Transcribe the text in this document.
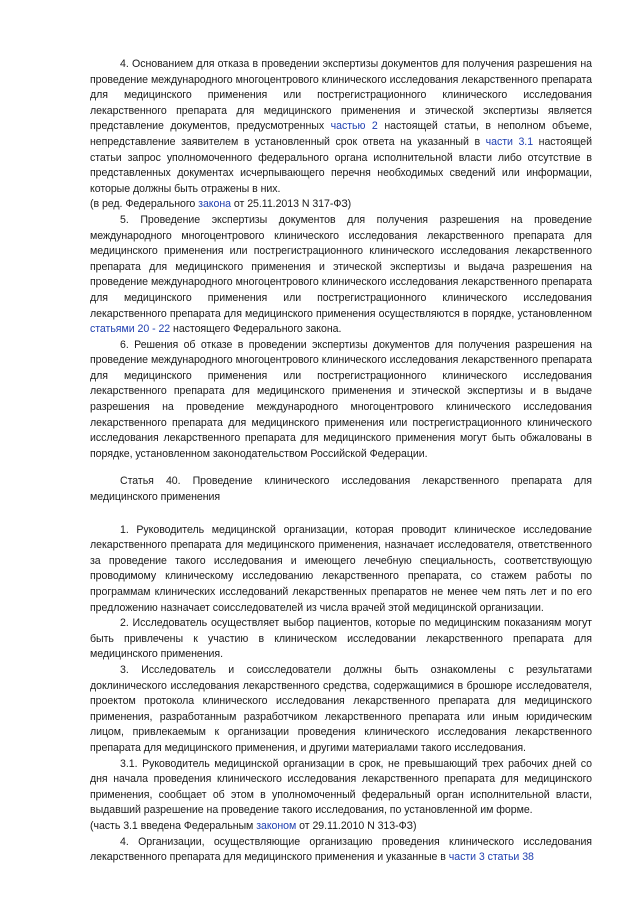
4. Основанием для отказа в проведении экспертизы документов для получения разрешения на проведение международного многоцентрового клинического исследования лекарственного препарата для медицинского применения или пострегистрационного клинического исследования лекарственного препарата для медицинского применения и этической экспертизы является представление документов, предусмотренных частью 2 настоящей статьи, в неполном объеме, непредставление заявителем в установленный срок ответа на указанный в части 3.1 настоящей статьи запрос уполномоченного федерального органа исполнительной власти либо отсутствие в представленных документах исчерпывающего перечня необходимых сведений или информации, которые должны быть отражены в них.

(в ред. Федерального закона от 25.11.2013 N 317-ФЗ)

5. Проведение экспертизы документов для получения разрешения на проведение международного многоцентрового клинического исследования лекарственного препарата для медицинского применения или пострегистрационного клинического исследования лекарственного препарата для медицинского применения и этической экспертизы и выдача разрешения на проведение международного многоцентрового клинического исследования лекарственного препарата для медицинского применения или пострегистрационного клинического исследования лекарственного препарата для медицинского применения осуществляются в порядке, установленном статьями 20 - 22 настоящего Федерального закона.

6. Решения об отказе в проведении экспертизы документов для получения разрешения на проведение международного многоцентрового клинического исследования лекарственного препарата для медицинского применения или пострегистрационного клинического исследования лекарственного препарата для медицинского применения и этической экспертизы и в выдаче разрешения на проведение международного многоцентрового клинического исследования лекарственного препарата для медицинского применения или пострегистрационного клинического исследования лекарственного препарата для медицинского применения могут быть обжалованы в порядке, установленном законодательством Российской Федерации.

Статья 40. Проведение клинического исследования лекарственного препарата для медицинского применения

1. Руководитель медицинской организации, которая проводит клиническое исследование лекарственного препарата для медицинского применения, назначает исследователя, ответственного за проведение такого исследования и имеющего лечебную специальность, соответствующую проводимому клиническому исследованию лекарственного препарата, со стажем работы по программам клинических исследований лекарственных препаратов не менее чем пять лет и по его предложению назначает соисследователей из числа врачей этой медицинской организации.

2. Исследователь осуществляет выбор пациентов, которые по медицинским показаниям могут быть привлечены к участию в клиническом исследовании лекарственного препарата для медицинского применения.

3. Исследователь и соисследователи должны быть ознакомлены с результатами доклинического исследования лекарственного средства, содержащимися в брошюре исследователя, проектом протокола клинического исследования лекарственного препарата для медицинского применения, разработанным разработчиком лекарственного препарата или иным юридическим лицом, привлекаемым к организации проведения клинического исследования лекарственного препарата для медицинского применения, и другими материалами такого исследования.

3.1. Руководитель медицинской организации в срок, не превышающий трех рабочих дней со дня начала проведения клинического исследования лекарственного препарата для медицинского применения, сообщает об этом в уполномоченный федеральный орган исполнительной власти, выдавший разрешение на проведение такого исследования, по установленной им форме.

(часть 3.1 введена Федеральным законом от 29.11.2010 N 313-ФЗ)

4. Организации, осуществляющие организацию проведения клинического исследования лекарственного препарата для медицинского применения и указанные в части 3 статьи 38
